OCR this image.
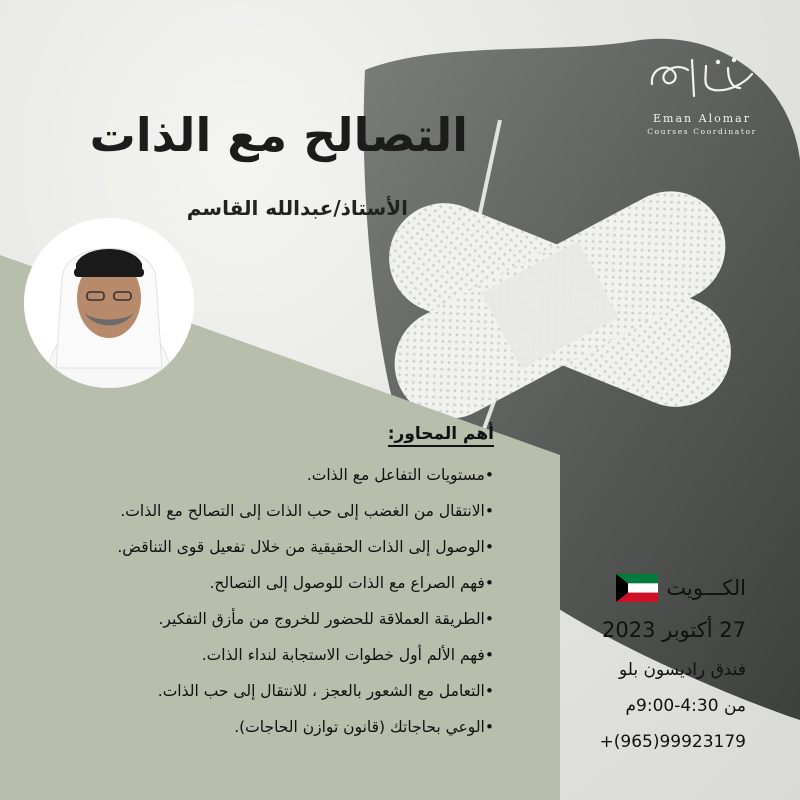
التصالح مع الذات
الأستاذ/عبدالله القاسم
Eman Alomar
Courses Coordinator
أهم المحاور:
•مستويات التفاعل مع الذات.
•الانتقال من الغضب إلى حب الذات إلى التصالح مع الذات.
•الوصول إلى الذات الحقيقية من خلال تفعيل قوى التناقض.
•فهم الصراع مع الذات للوصول إلى التصالح.
•الطريقة العملاقة للحضور للخروج من مأزق التفكير.
•فهم الألم أول خطوات الاستجابة لنداء الذات.
•التعامل مع الشعور بالعجز ، للانتقال إلى حب الذات.
•الوعي بحاجاتك (قانون توازن الحاجات).
الكـــويت
27 أكتوبر 2023
فندق راديسون بلو
من 4:30-9:00م
+(965)99923179
